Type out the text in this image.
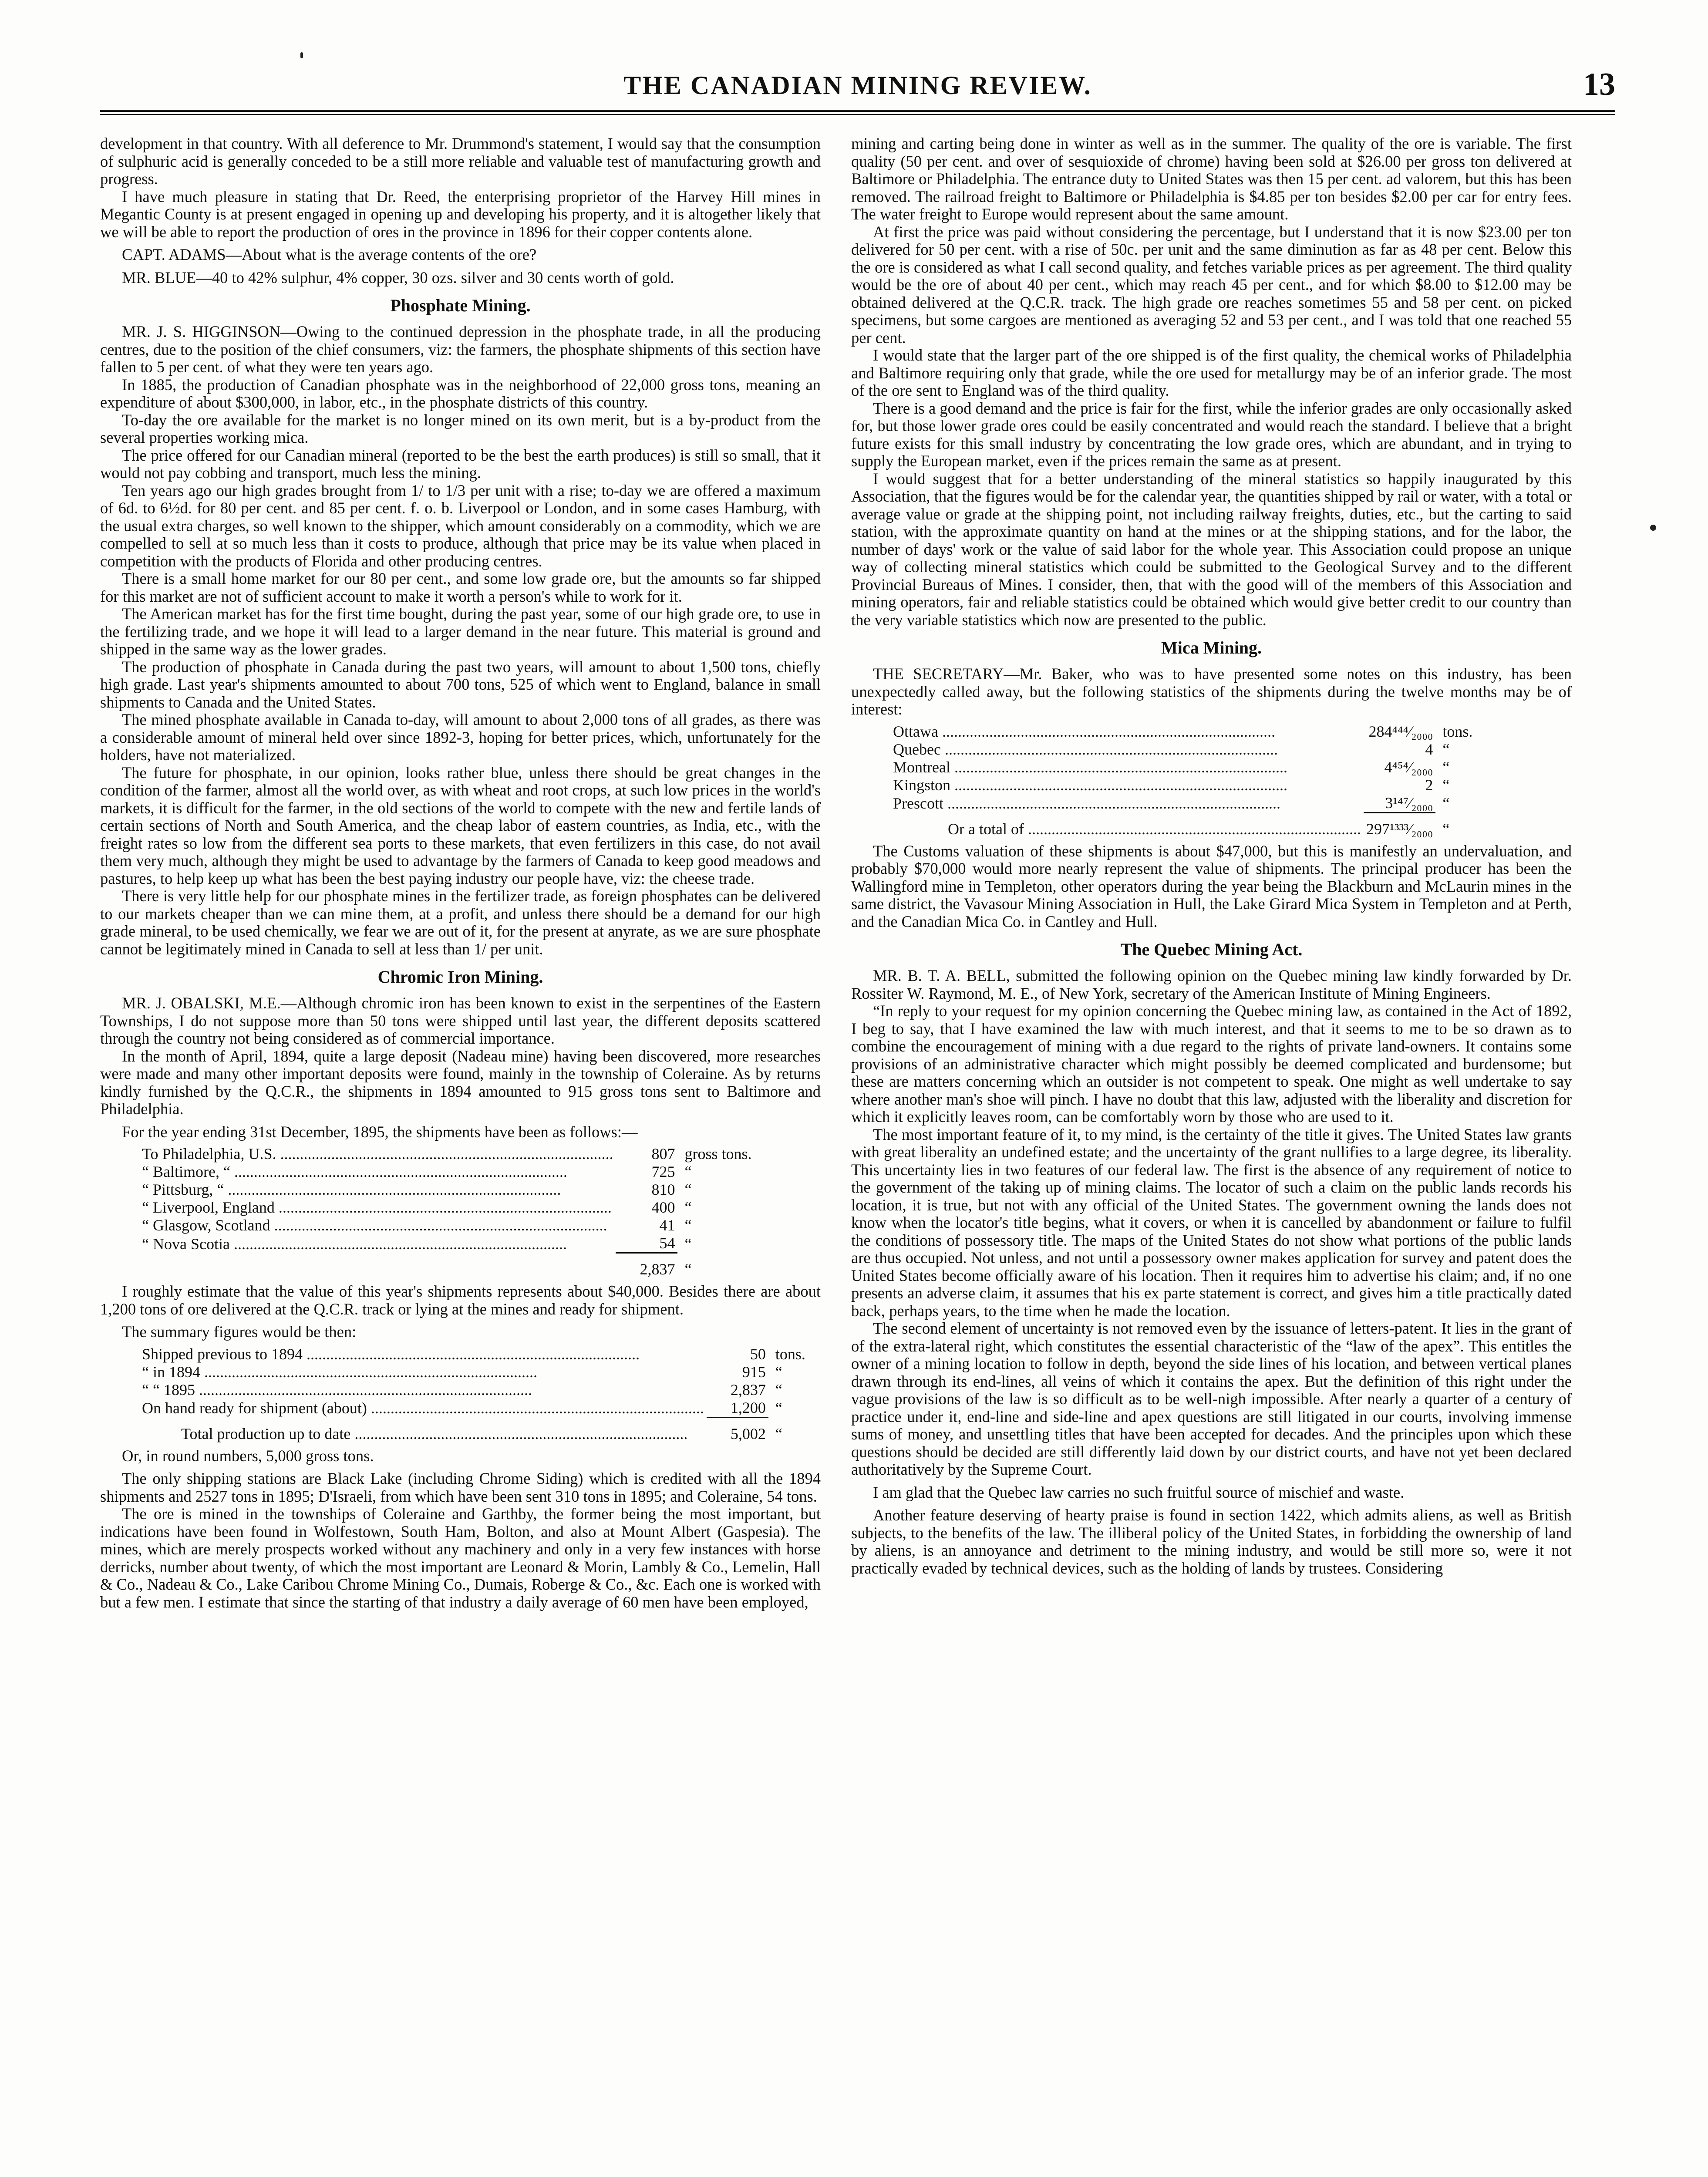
THE CANADIAN MINING REVIEW.	13

development in that country. With all deference to Mr. Drummond's statement, I would say that the consumption of sulphuric acid is generally conceded to be a still more reliable and valuable test of manufacturing growth and progress.

I have much pleasure in stating that Dr. Reed, the enterprising proprietor of the Harvey Hill mines in Megantic County is at present engaged in opening up and developing his property, and it is altogether likely that we will be able to report the production of ores in the province in 1896 for their copper contents alone.

CAPT. ADAMS—About what is the average contents of the ore?

MR. BLUE—40 to 42% sulphur, 4% copper, 30 ozs. silver and 30 cents worth of gold.

Phosphate Mining.

MR. J. S. HIGGINSON—Owing to the continued depression in the phosphate trade, in all the producing centres, due to the position of the chief consumers, viz: the farmers, the phosphate shipments of this section have fallen to 5 per cent. of what they were ten years ago.

In 1885, the production of Canadian phosphate was in the neighborhood of 22,000 gross tons, meaning an expenditure of about $300,000, in labor, etc., in the phosphate districts of this country.

To-day the ore available for the market is no longer mined on its own merit, but is a by-product from the several properties working mica.

The price offered for our Canadian mineral (reported to be the best the earth produces) is still so small, that it would not pay cobbing and transport, much less the mining.

Ten years ago our high grades brought from 1/ to 1/3 per unit with a rise; to-day we are offered a maximum of 6d. to 6½d. for 80 per cent. and 85 per cent. f. o. b. Liverpool or London, and in some cases Hamburg, with the usual extra charges, so well known to the shipper, which amount considerably on a commodity, which we are compelled to sell at so much less than it costs to produce, although that price may be its value when placed in competition with the products of Florida and other producing centres.

There is a small home market for our 80 per cent., and some low grade ore, but the amounts so far shipped for this market are not of sufficient account to make it worth a person's while to work for it.

The American market has for the first time bought, during the past year, some of our high grade ore, to use in the fertilizing trade, and we hope it will lead to a larger demand in the near future. This material is ground and shipped in the same way as the lower grades.

The production of phosphate in Canada during the past two years, will amount to about 1,500 tons, chiefly high grade. Last year's shipments amounted to about 700 tons, 525 of which went to England, balance in small shipments to Canada and the United States.

The mined phosphate available in Canada to-day, will amount to about 2,000 tons of all grades, as there was a considerable amount of mineral held over since 1892-3, hoping for better prices, which, unfortunately for the holders, have not materialized.

The future for phosphate, in our opinion, looks rather blue, unless there should be great changes in the condition of the farmer, almost all the world over, as with wheat and root crops, at such low prices in the world's markets, it is difficult for the farmer, in the old sections of the world to compete with the new and fertile lands of certain sections of North and South America, and the cheap labor of eastern countries, as India, etc., with the freight rates so low from the different sea ports to these markets, that even fertilizers in this case, do not avail them very much, although they might be used to advantage by the farmers of Canada to keep good meadows and pastures, to help keep up what has been the best paying industry our people have, viz: the cheese trade.

There is very little help for our phosphate mines in the fertilizer trade, as foreign phosphates can be delivered to our markets cheaper than we can mine them, at a profit, and unless there should be a demand for our high grade mineral, to be used chemically, we fear we are out of it, for the present at anyrate, as we are sure phosphate cannot be legitimately mined in Canada to sell at less than 1/ per unit.

Chromic Iron Mining.

MR. J. OBALSKI, M.E.—Although chromic iron has been known to exist in the serpentines of the Eastern Townships, I do not suppose more than 50 tons were shipped until last year, the different deposits scattered through the country not being considered as of commercial importance.

In the month of April, 1894, quite a large deposit (Nadeau mine) having been discovered, more researches were made and many other important deposits were found, mainly in the township of Coleraine. As by returns kindly furnished by the Q.C.R., the shipments in 1894 amounted to 915 gross tons sent to Baltimore and Philadelphia.

For the year ending 31st December, 1895, the shipments have been as follows:—

To Philadelphia, U.S. .....	807	gross tons.
“ Baltimore, “ .....	725	“
“ Pittsburg, “ .....	810	“
“ Liverpool, England .....	400	“
“ Glasgow, Scotland .....	41	“
“ Nova Scotia .....	54	“
	2,837	“

I roughly estimate that the value of this year's shipments represents about $40,000. Besides there are about 1,200 tons of ore delivered at the Q.C.R. track or lying at the mines and ready for shipment.

The summary figures would be then:

Shipped previous to 1894 .....	50	tons.
“ in 1894 .....	915	“
“ “ 1895 .....	2,837	“
On hand ready for shipment (about) .....	1,200	“
Total production up to date .....	5,002	“

Or, in round numbers, 5,000 gross tons.

The only shipping stations are Black Lake (including Chrome Siding) which is credited with all the 1894 shipments and 2527 tons in 1895; D'Israeli, from which have been sent 310 tons in 1895; and Coleraine, 54 tons.

The ore is mined in the townships of Coleraine and Garthby, the former being the most important, but indications have been found in Wolfestown, South Ham, Bolton, and also at Mount Albert (Gaspesia). The mines, which are merely prospects worked without any machinery and only in a very few instances with horse derricks, number about twenty, of which the most important are Leonard & Morin, Lambly & Co., Lemelin, Hall & Co., Nadeau & Co., Lake Caribou Chrome Mining Co., Dumais, Roberge & Co., &c. Each one is worked with but a few men. I estimate that since the starting of that industry a daily average of 60 men have been employed,

mining and carting being done in winter as well as in the summer. The quality of the ore is variable. The first quality (50 per cent. and over of sesquioxide of chrome) having been sold at $26.00 per gross ton delivered at Baltimore or Philadelphia. The entrance duty to United States was then 15 per cent. ad valorem, but this has been removed. The railroad freight to Baltimore or Philadelphia is $4.85 per ton besides $2.00 per car for entry fees. The water freight to Europe would represent about the same amount.

At first the price was paid without considering the percentage, but I understand that it is now $23.00 per ton delivered for 50 per cent. with a rise of 50c. per unit and the same diminution as far as 48 per cent. Below this the ore is considered as what I call second quality, and fetches variable prices as per agreement. The third quality would be the ore of about 40 per cent., which may reach 45 per cent., and for which $8.00 to $12.00 may be obtained delivered at the Q.C.R. track. The high grade ore reaches sometimes 55 and 58 per cent. on picked specimens, but some cargoes are mentioned as averaging 52 and 53 per cent., and I was told that one reached 55 per cent.

I would state that the larger part of the ore shipped is of the first quality, the chemical works of Philadelphia and Baltimore requiring only that grade, while the ore used for metallurgy may be of an inferior grade. The most of the ore sent to England was of the third quality.

There is a good demand and the price is fair for the first, while the inferior grades are only occasionally asked for, but those lower grade ores could be easily concentrated and would reach the standard. I believe that a bright future exists for this small industry by concentrating the low grade ores, which are abundant, and in trying to supply the European market, even if the prices remain the same as at present.

I would suggest that for a better understanding of the mineral statistics so happily inaugurated by this Association, that the figures would be for the calendar year, the quantities shipped by rail or water, with a total or average value or grade at the shipping point, not including railway freights, duties, etc., but the carting to said station, with the approximate quantity on hand at the mines or at the shipping stations, and for the labor, the number of days' work or the value of said labor for the whole year. This Association could propose an unique way of collecting mineral statistics which could be submitted to the Geological Survey and to the different Provincial Bureaus of Mines. I consider, then, that with the good will of the members of this Association and mining operators, fair and reliable statistics could be obtained which would give better credit to our country than the very variable statistics which now are presented to the public.

Mica Mining.

THE SECRETARY—Mr. Baker, who was to have presented some notes on this industry, has been unexpectedly called away, but the following statistics of the shipments during the twelve months may be of interest:

Ottawa .....	284⁴⁴⁴⁄₂₀₀₀	tons.
Quebec .....	4	“
Montreal .....	4⁴⁵⁴⁄₂₀₀₀	“
Kingston .....	2	“
Prescott .....	3¹⁴⁷⁄₂₀₀₀	“
Or a total of .....	297¹³³³⁄₂₀₀₀	“

The Customs valuation of these shipments is about $47,000, but this is manifestly an undervaluation, and probably $70,000 would more nearly represent the value of shipments. The principal producer has been the Wallingford mine in Templeton, other operators during the year being the Blackburn and McLaurin mines in the same district, the Vavasour Mining Association in Hull, the Lake Girard Mica System in Templeton and at Perth, and the Canadian Mica Co. in Cantley and Hull.

The Quebec Mining Act.

MR. B. T. A. BELL, submitted the following opinion on the Quebec mining law kindly forwarded by Dr. Rossiter W. Raymond, M. E., of New York, secretary of the American Institute of Mining Engineers.

“In reply to your request for my opinion concerning the Quebec mining law, as contained in the Act of 1892, I beg to say, that I have examined the law with much interest, and that it seems to me to be so drawn as to combine the encouragement of mining with a due regard to the rights of private land-owners. It contains some provisions of an administrative character which might possibly be deemed complicated and burdensome; but these are matters concerning which an outsider is not competent to speak. One might as well undertake to say where another man's shoe will pinch. I have no doubt that this law, adjusted with the liberality and discretion for which it explicitly leaves room, can be comfortably worn by those who are used to it.

The most important feature of it, to my mind, is the certainty of the title it gives. The United States law grants with great liberality an undefined estate; and the uncertainty of the grant nullifies to a large degree, its liberality. This uncertainty lies in two features of our federal law. The first is the absence of any requirement of notice to the government of the taking up of mining claims. The locator of such a claim on the public lands records his location, it is true, but not with any official of the United States. The government owning the lands does not know when the locator's title begins, what it covers, or when it is cancelled by abandonment or failure to fulfil the conditions of possessory title. The maps of the United States do not show what portions of the public lands are thus occupied. Not unless, and not until a possessory owner makes application for survey and patent does the United States become officially aware of his location. Then it requires him to advertise his claim; and, if no one presents an adverse claim, it assumes that his ex parte statement is correct, and gives him a title practically dated back, perhaps years, to the time when he made the location.

The second element of uncertainty is not removed even by the issuance of letters-patent. It lies in the grant of of the extra-lateral right, which constitutes the essential characteristic of the “law of the apex”. This entitles the owner of a mining location to follow in depth, beyond the side lines of his location, and between vertical planes drawn through its end-lines, all veins of which it contains the apex. But the definition of this right under the vague provisions of the law is so difficult as to be well-nigh impossible. After nearly a quarter of a century of practice under it, end-line and side-line and apex questions are still litigated in our courts, involving immense sums of money, and unsettling titles that have been accepted for decades. And the principles upon which these questions should be decided are still differently laid down by our district courts, and have not yet been declared authoritatively by the Supreme Court.

I am glad that the Quebec law carries no such fruitful source of mischief and waste.

Another feature deserving of hearty praise is found in section 1422, which admits aliens, as well as British subjects, to the benefits of the law. The illiberal policy of the United States, in forbidding the ownership of land by aliens, is an annoyance and detriment to the mining industry, and would be still more so, were it not practically evaded by technical devices, such as the holding of lands by trustees. Considering
